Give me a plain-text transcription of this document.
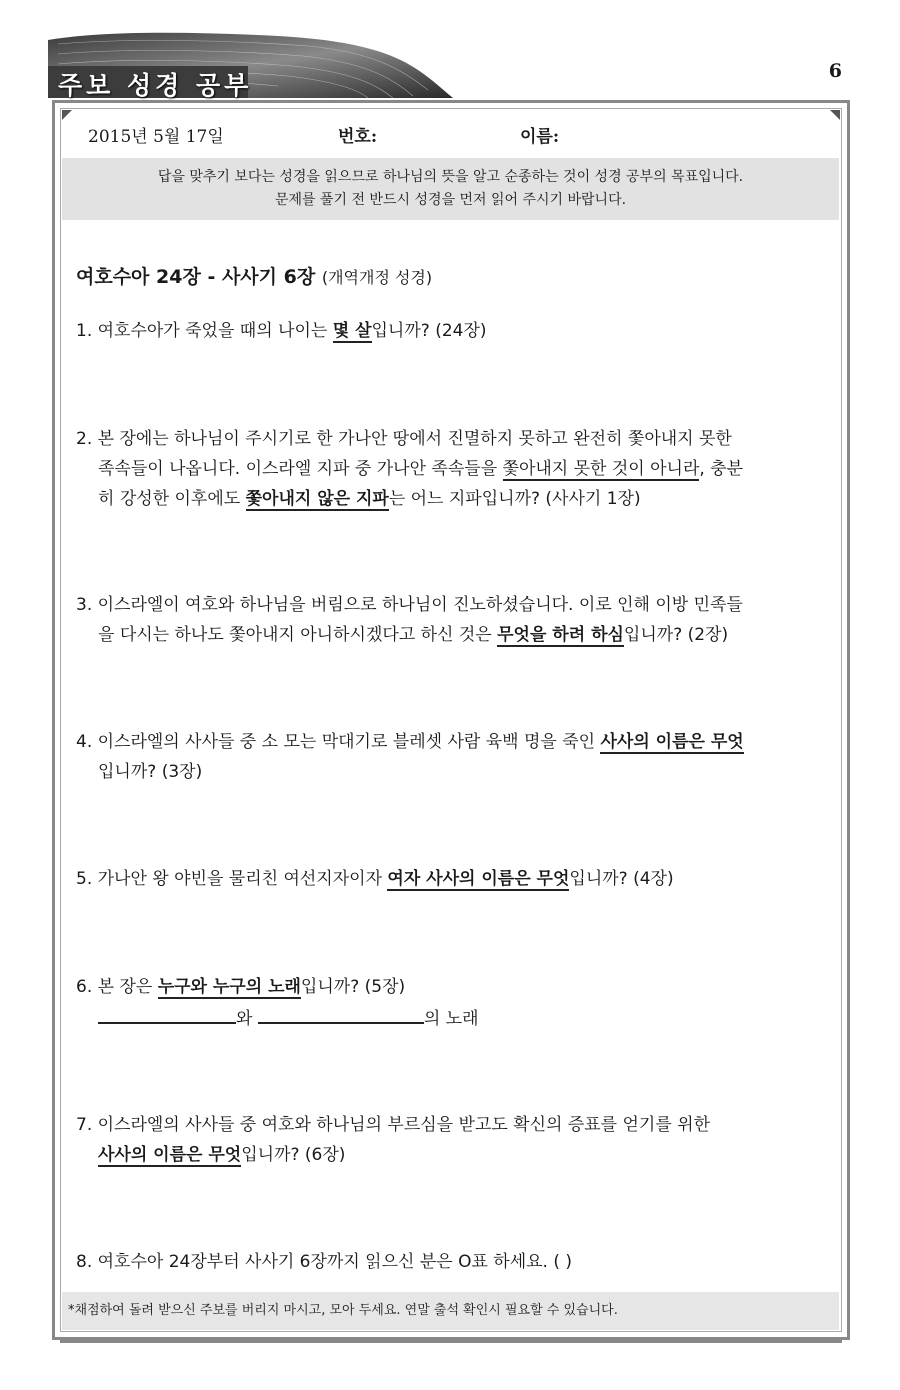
주보 성경 공부	6
2015년 5월 17일	번호:	이름:
답을 맞추기 보다는 성경을 읽으므로 하나님의 뜻을 알고 순종하는 것이 성경 공부의 목표입니다.
문제를 풀기 전 반드시 성경을 먼저 읽어 주시기 바랍니다.
여호수아 24장 - 사사기 6장 (개역개정 성경)
1. 여호수아가 죽었을 때의 나이는 몇 살입니까? (24장)
2. 본 장에는 하나님이 주시기로 한 가나안 땅에서 진멸하지 못하고 완전히 쫓아내지 못한
족속들이 나옵니다. 이스라엘 지파 중 가나안 족속들을 쫓아내지 못한 것이 아니라, 충분
히 강성한 이후에도 쫓아내지 않은 지파는 어느 지파입니까? (사사기 1장)
3. 이스라엘이 여호와 하나님을 버림으로 하나님이 진노하셨습니다. 이로 인해 이방 민족들
을 다시는 하나도 쫓아내지 아니하시겠다고 하신 것은 무엇을 하려 하심입니까? (2장)
4. 이스라엘의 사사들 중 소 모는 막대기로 블레셋 사람 육백 명을 죽인 사사의 이름은 무엇
입니까? (3장)
5. 가나안 왕 야빈을 물리친 여선지자이자 여자 사사의 이름은 무엇입니까? (4장)
6. 본 장은 누구와 누구의 노래입니까? (5장)
와	의 노래
7. 이스라엘의 사사들 중 여호와 하나님의 부르심을 받고도 확신의 증표를 얻기를 위한
사사의 이름은 무엇입니까? (6장)
8. 여호수아 24장부터 사사기 6장까지 읽으신 분은 O표 하세요. ( )
*채점하여 돌려 받으신 주보를 버리지 마시고, 모아 두세요. 연말 출석 확인시 필요할 수 있습니다.
